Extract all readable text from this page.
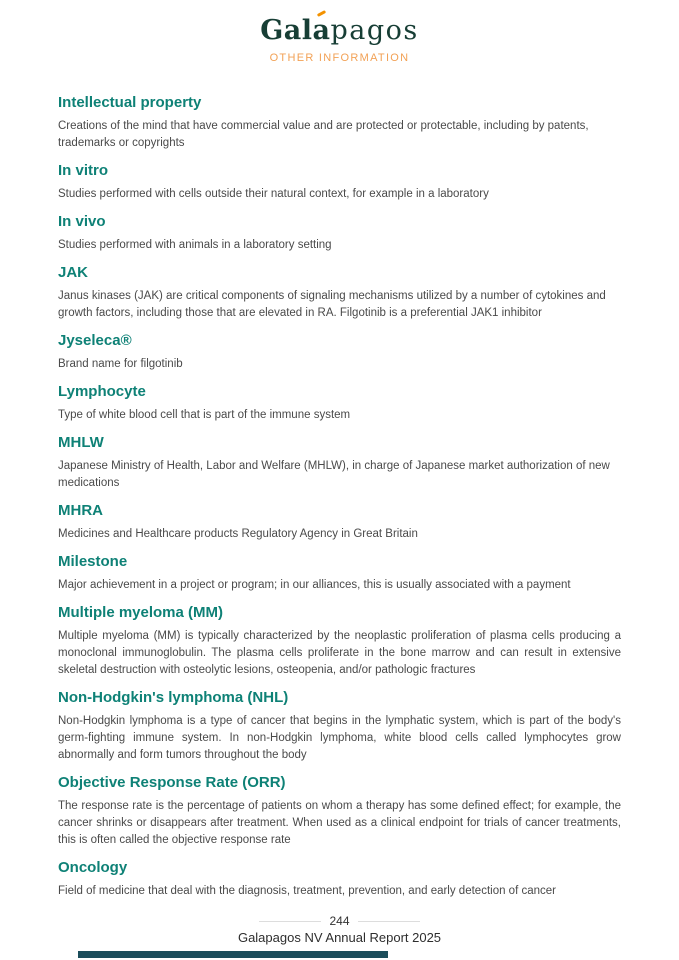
Gala
pagos
OTHER INFORMATION
Intellectual property

Creations of the mind that have commercial value and are protected or protectable, including by patents, trademarks or copyrights

In vitro

Studies performed with cells outside their natural context, for example in a laboratory

In vivo

Studies performed with animals in a laboratory setting

JAK

Janus kinases (JAK) are critical components of signaling mechanisms utilized by a number of cytokines and growth factors, including those that are elevated in RA. Filgotinib is a preferential JAK1 inhibitor

Jyseleca®

Brand name for filgotinib

Lymphocyte

Type of white blood cell that is part of the immune system

MHLW

Japanese Ministry of Health, Labor and Welfare (MHLW), in charge of Japanese market authorization of new medications

MHRA

Medicines and Healthcare products Regulatory Agency in Great Britain

Milestone

Major achievement in a project or program; in our alliances, this is usually associated with a payment

Multiple myeloma (MM)

Multiple myeloma (MM) is typically characterized by the neoplastic proliferation of plasma cells producing a monoclonal immunoglobulin. The plasma cells proliferate in the bone marrow and can result in extensive skeletal destruction with osteolytic lesions, osteopenia, and/or pathologic fractures

Non-Hodgkin's lymphoma (NHL)

Non-Hodgkin lymphoma is a type of cancer that begins in the lymphatic system, which is part of the body's germ-fighting immune system. In non-Hodgkin lymphoma, white blood cells called lymphocytes grow abnormally and form tumors throughout the body

Objective Response Rate (ORR)

The response rate is the percentage of patients on whom a therapy has some defined effect; for example, the cancer shrinks or disappears after treatment. When used as a clinical endpoint for trials of cancer treatments, this is often called the objective response rate

Oncology

Field of medicine that deal with the diagnosis, treatment, prevention, and early detection of cancer

244
Galapagos NV Annual Report 2025
